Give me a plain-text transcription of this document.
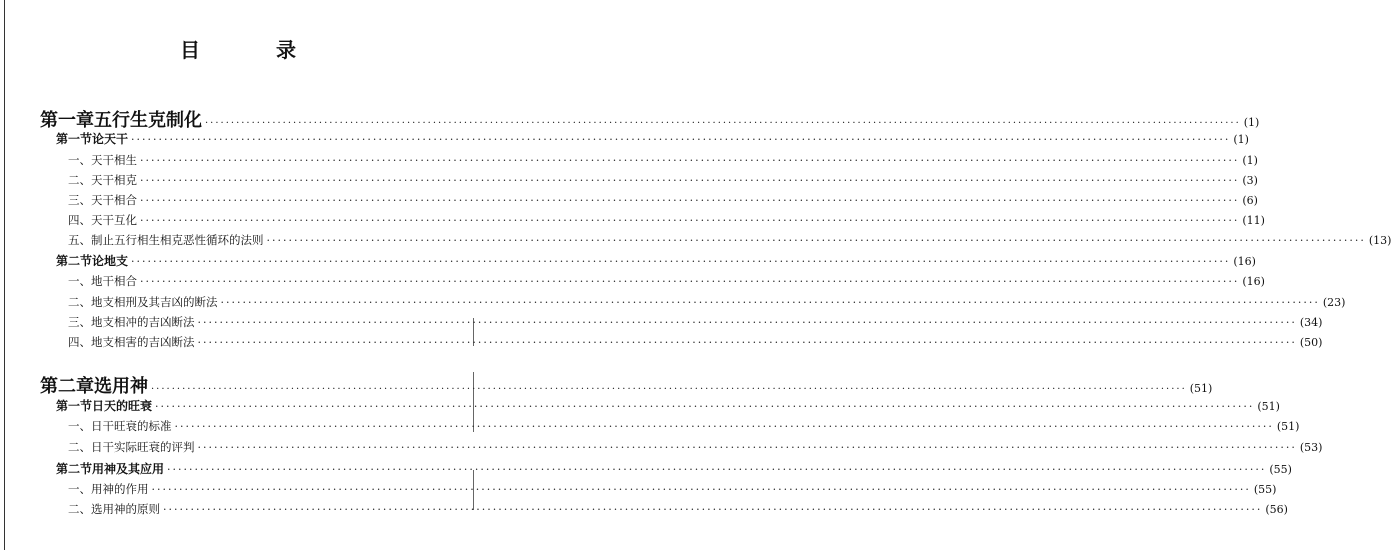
目　录
第一章 五行生克制化 ········································································································································································································ (1)
第一节 论天干 ········································································································································································································ (1)
一、天干相生 ········································································································································································································ (1)
二、天干相克 ········································································································································································································ (3)
三、天干相合 ········································································································································································································ (6)
四、天干互化 ········································································································································································································ (11)
五、制止五行相生相克恶性循环的法则 ········································································································································································································ (13)
第二节 论地支 ········································································································································································································ (16)
一、地干相合 ········································································································································································································ (16)
二、地支相刑及其吉凶的断法 ········································································································································································································ (23)
三、地支相冲的吉凶断法 ········································································································································································································ (34)
四、地支相害的吉凶断法 ········································································································································································································ (50)
第二章 选用神 ········································································································································································································ (51)
第一节 日天的旺衰 ········································································································································································································ (51)
一、日干旺衰的标准 ········································································································································································································ (51)
二、日干实际旺衰的评判 ········································································································································································································ (53)
第二节 用神及其应用 ········································································································································································································ (55)
一、用神的作用 ········································································································································································································ (55)
二、选用神的原则 ········································································································································································································ (56)
